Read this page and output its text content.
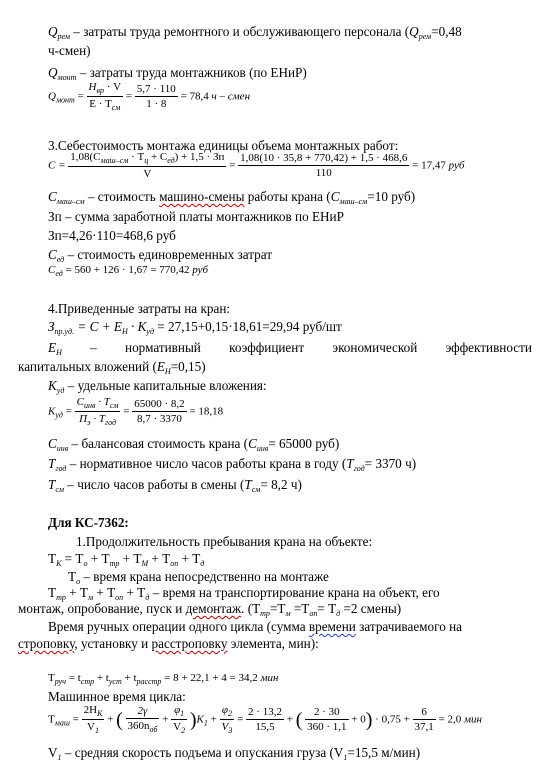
$Q_{рем}$ – затраты труда ремонтного и обслуживающего персонала ($Q_{рем}=0,48$
ч-смен)
$Q_{монт}$ – затраты труда монтажников (по ЕНиР)
$Q_{монт} = \frac{H_{вр} \cdot V}{E \cdot T_{см}} = \frac{5,7 \cdot 110}{1 \cdot 8} = 78,4$ ч – смен
3.Себестоимость монтажа единицы объема монтажных работ:
$C = \frac{1,08(C_{маш-см} \cdot T_ц + C_{ед}) + 1,5 \cdot Зп}{V} = \frac{1,08(10 \cdot 35,8 + 770,42) + 1,5 \cdot 468,6}{110} = 17,47$ руб
$C_{маш-см}$ – стоимость машино-смены работы крана ($C_{маш-см}=10$ руб)
Зп – сумма заработной платы монтажников по ЕНиР
Зп=4,26·110=468,6 руб
$C_{ед}$ – стоимость единовременных затрат
$C_{ед} = 560 + 126 \cdot 1,67 = 770,42$ руб
4.Приведенные затраты на кран:
$З_{пр.уд.} = C + E_H \cdot K_{уд} = 27,15+0,15\cdot 18,61=29,94$ руб/шт
$E_H$ – нормативный коэффициент экономической эффективности
капитальных вложений $(E_H=0,15)$
$K_{уд}$ – удельные капитальные вложения:
$K_{уд} = \frac{C_{инв} \cdot T_{см}}{П_э \cdot T_{год}} = \frac{65000 \cdot 8,2}{8,7 \cdot 3370} = 18,18$
$C_{инв}$ – балансовая стоимость крана ($C_{инв}= 65000$ руб)
$T_{год}$ – нормативное число часов работы крана в году ($T_{год}= 3370$ ч)
$T_{см}$ – число часов работы в смены ($T_{см}= 8,2$ ч)
Для КС-7362:
1.Продолжительность пребывания крана на объекте:
$Т_К = Т_о + Т_{тр} + Т_М + Т_{оп} + Т_д$
$Т_о$ – время крана непосредственно на монтаже
$Т_{тр} + Т_м + Т_{оп} + Т_д$ – время на транспортирование крана на объект, его
монтаж, опробование, пуск и демонтаж. ($Т_{тр}=Т_м =Т_{оп}= Т_д =2$ смены)
Время ручных операции одного цикла (сумма времени затрачиваемого на
строповку, установку и расстроповку элемента, мин):
$T_{руч} = t_{стр} + t_{уст} + t_{расстр} = 8 + 22,1 + 4 = 34,2$ мин
Машинное время цикла:
$T_{маш} = \frac{2H_К}{V_1}$ + ( $\frac{2\gamma}{360n_{об}} + \frac{\varphi_1}{V_2} )K_1 + \frac{\varphi_2}{V_3} = \frac{2 \cdot 13,2}{15,5}$ + ( $\frac{2 \cdot 30}{360 \cdot 1,1} + 0) \cdot 0,75 + \frac{6}{37,1} = 2,0$ мин
$V_1$ – средняя скорость подъема и опускания груза ($V_1=15,5$ м/мин)
